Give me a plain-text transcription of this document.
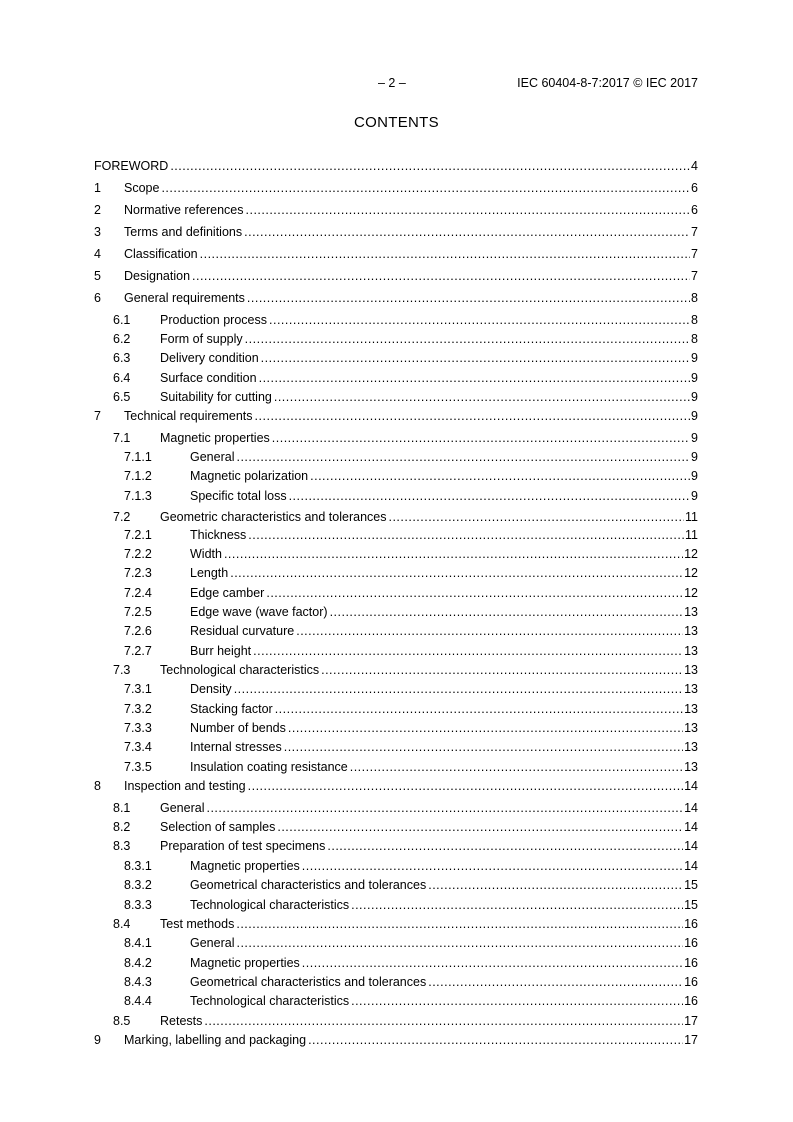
– 2 –	IEC 60404-8-7:2017 © IEC 2017
CONTENTS
FOREWORD .....	4
1 Scope .....	6
2 Normative references .....	6
3 Terms and definitions .....	7
4 Classification .....	7
5 Designation .....	7
6 General requirements .....	8
6.1 Production process .....	8
6.2 Form of supply .....	8
6.3 Delivery condition .....	9
6.4 Surface condition .....	9
6.5 Suitability for cutting .....	9
7 Technical requirements .....	9
7.1 Magnetic properties .....	9
7.1.1	General .....	9
7.1.2	Magnetic polarization .....	9
7.1.3	Specific total loss .....	9
7.2 Geometric characteristics and tolerances .....	11
7.2.1	Thickness .....	11
7.2.2	Width .....	12
7.2.3	Length .....	12
7.2.4	Edge camber .....	12
7.2.5	Edge wave (wave factor) .....	13
7.2.6	Residual curvature .....	13
7.2.7	Burr height .....	13
7.3 Technological characteristics .....	13
7.3.1	Density .....	13
7.3.2	Stacking factor .....	13
7.3.3	Number of bends .....	13
7.3.4	Internal stresses .....	13
7.3.5	Insulation coating resistance .....	13
8 Inspection and testing .....	14
8.1 General .....	14
8.2 Selection of samples .....	14
8.3 Preparation of test specimens .....	14
8.3.1	Magnetic properties .....	14
8.3.2	Geometrical characteristics and tolerances .....	15
8.3.3	Technological characteristics .....	15
8.4 Test methods .....	16
8.4.1	General .....	16
8.4.2	Magnetic properties .....	16
8.4.3	Geometrical characteristics and tolerances .....	16
8.4.4	Technological characteristics .....	16
8.5 Retests .....	17
9 Marking, labelling and packaging .....	17
